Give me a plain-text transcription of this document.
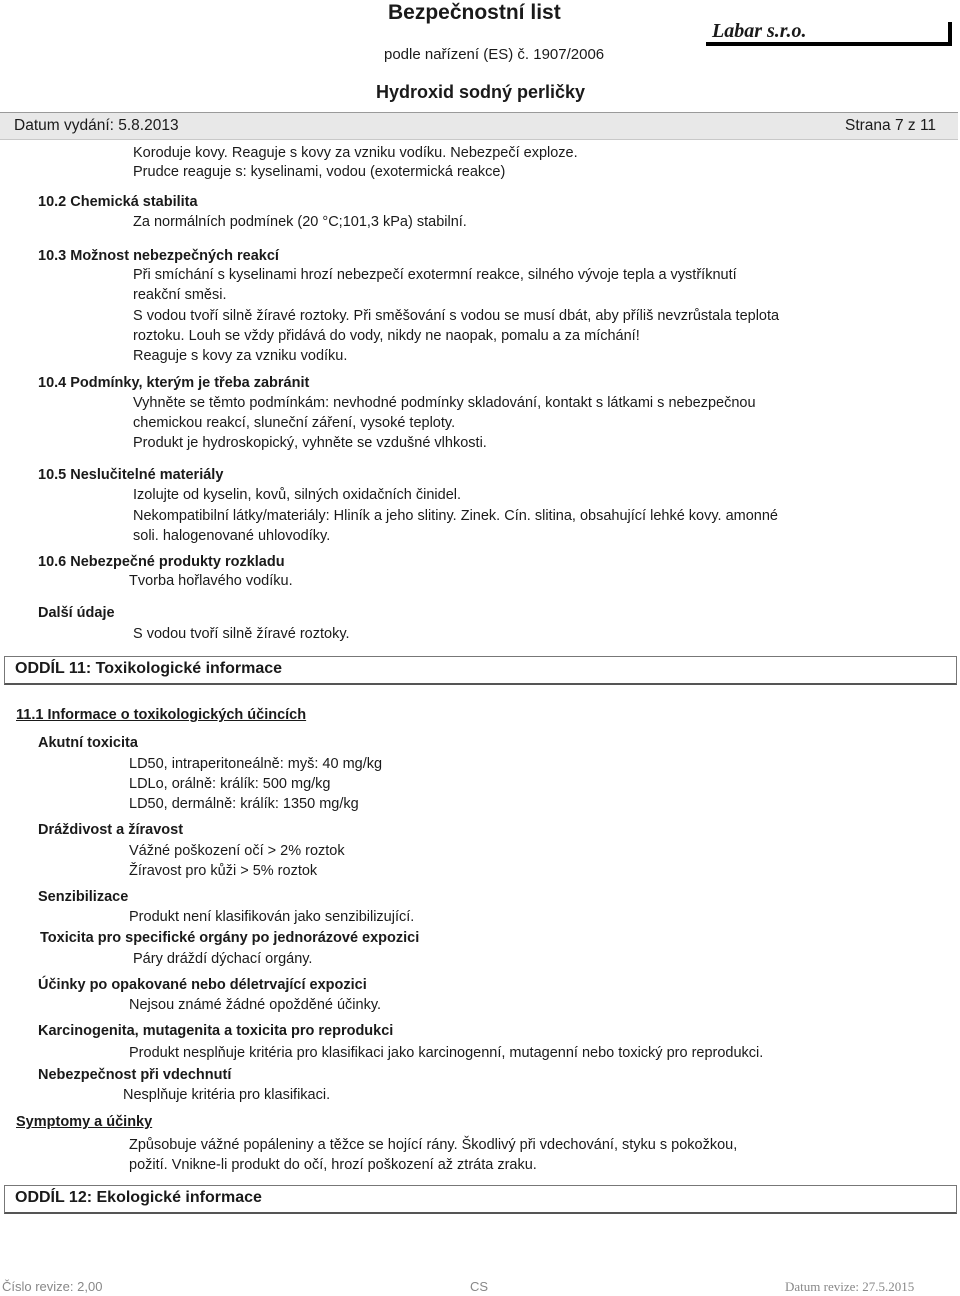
Bezpečnostní list
Labar s.r.o.
podle nařízení (ES) č. 1907/2006
Hydroxid sodný perličky
Datum vydání: 5.8.2013	Strana 7 z 11
Koroduje kovy. Reaguje s kovy za vzniku vodíku. Nebezpečí exploze.
Prudce reaguje s: kyselinami, vodou (exotermická reakce)
10.2 Chemická stabilita
Za normálních podmínek (20 °C;101,3 kPa) stabilní.
10.3 Možnost nebezpečných reakcí
Při smíchání s kyselinami hrozí nebezpečí exotermní reakce, silného vývoje tepla a vystříknutí
reakční směsi.
S vodou tvoří silně žíravé roztoky. Při směšování s vodou se musí dbát, aby příliš nevzrůstala teplota
roztoku. Louh se vždy přidává do vody, nikdy ne naopak, pomalu a za míchání!
Reaguje s kovy za vzniku vodíku.
10.4 Podmínky, kterým je třeba zabránit
Vyhněte se těmto podmínkám: nevhodné podmínky skladování, kontakt s látkami s nebezpečnou
chemickou reakcí, sluneční záření, vysoké teploty.
Produkt je hydroskopický, vyhněte se vzdušné vlhkosti.
10.5 Neslučitelné materiály
Izolujte od kyselin, kovů, silných oxidačních činidel.
Nekompatibilní látky/materiály: Hliník a jeho slitiny. Zinek. Cín. slitina, obsahující lehké kovy. amonné
soli. halogenované uhlovodíky.
10.6 Nebezpečné produkty rozkladu
Tvorba hořlavého vodíku.
Další údaje
S vodou tvoří silně žíravé roztoky.
ODDÍL 11: Toxikologické informace
11.1 Informace o toxikologických účincích
Akutní toxicita
LD50, intraperitoneálně: myš: 40 mg/kg
LDLo, orálně: králík: 500 mg/kg
LD50, dermálně: králík: 1350 mg/kg
Dráždivost a žíravost
Vážné poškození očí > 2% roztok
Žíravost pro kůži > 5% roztok
Senzibilizace
Produkt není klasifikován jako senzibilizující.
Toxicita pro specifické orgány po jednorázové expozici
Páry dráždí dýchací orgány.
Účinky po opakované nebo déletrvající expozici
Nejsou známé žádné opožděné účinky.
Karcinogenita, mutagenita a toxicita pro reprodukci
Produkt nesplňuje kritéria pro klasifikaci jako karcinogenní, mutagenní nebo toxický pro reprodukci.
Nebezpečnost při vdechnutí
Nesplňuje kritéria pro klasifikaci.
Symptomy a účinky
Způsobuje vážné popáleniny a těžce se hojící rány. Škodlivý při vdechování, styku s pokožkou,
požití. Vnikne-li produkt do očí, hrozí poškození až ztráta zraku.
ODDÍL 12: Ekologické informace
Číslo revize: 2,00	CS	Datum revize: 27.5.2015
